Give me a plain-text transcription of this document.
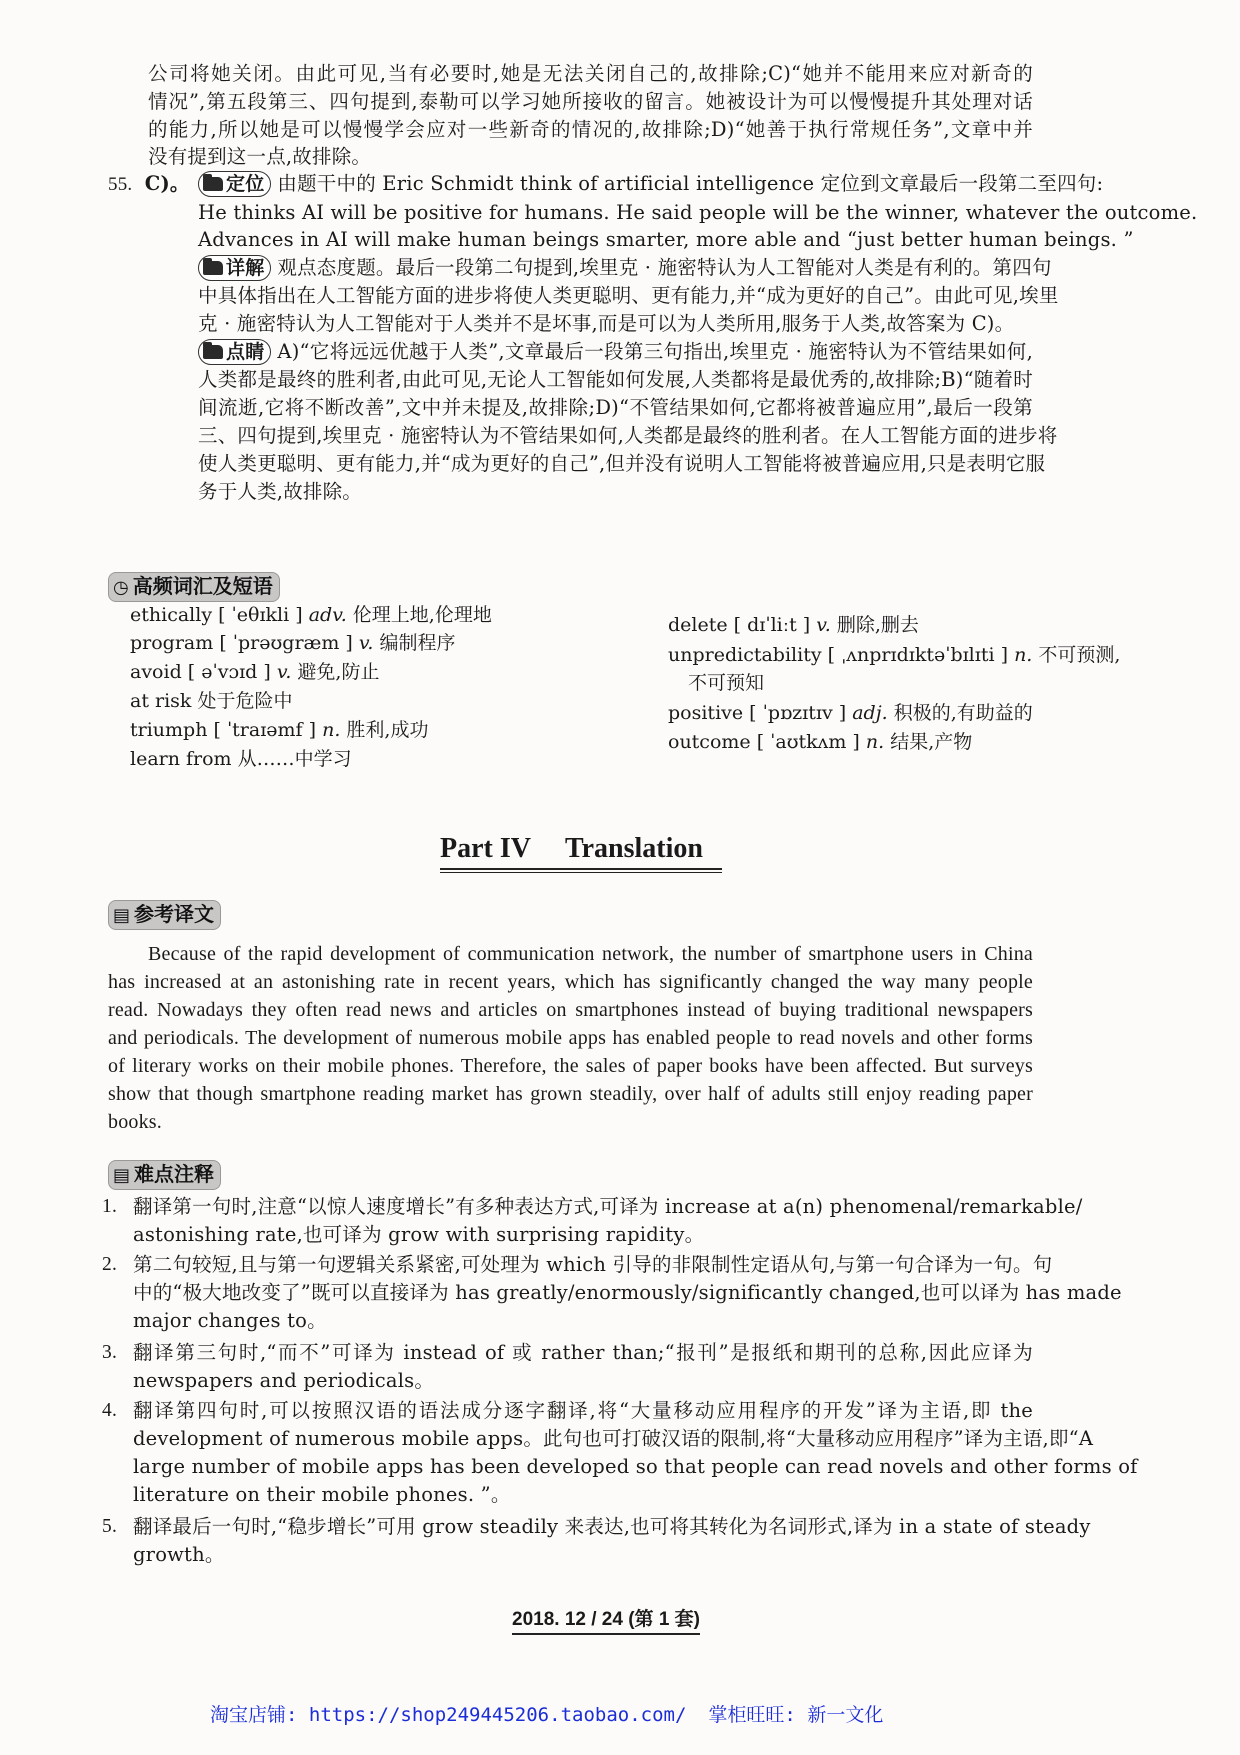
公司将她关闭。由此可见,当有必要时,她是无法关闭自己的,故排除;C)“她并不能用来应对新奇的
情况”,第五段第三、四句提到,泰勒可以学习她所接收的留言。她被设计为可以慢慢提升其处理对话
的能力,所以她是可以慢慢学会应对一些新奇的情况的,故排除;D)“她善于执行常规任务”,文章中并
没有提到这一点,故排除。
55. C)。	定位 由题干中的 Eric Schmidt think of artificial intelligence 定位到文章最后一段第二至四句:
He thinks AI will be positive for humans. He said people will be the winner, whatever the outcome.
Advances in AI will make human beings smarter, more able and “just better human beings. ”
详解 观点态度题。最后一段第二句提到,埃里克 · 施密特认为人工智能对人类是有利的。第四句
中具体指出在人工智能方面的进步将使人类更聪明、更有能力,并“成为更好的自己”。由此可见,埃里
克 · 施密特认为人工智能对于人类并不是坏事,而是可以为人类所用,服务于人类,故答案为 C)。
点睛 A)“它将远远优越于人类”,文章最后一段第三句指出,埃里克 · 施密特认为不管结果如何,
人类都是最终的胜利者,由此可见,无论人工智能如何发展,人类都将是最优秀的,故排除;B)“随着时
间流逝,它将不断改善”,文中并未提及,故排除;D)“不管结果如何,它都将被普遍应用”,最后一段第
三、四句提到,埃里克 · 施密特认为不管结果如何,人类都是最终的胜利者。在人工智能方面的进步将
使人类更聪明、更有能力,并“成为更好的自己”,但并没有说明人工智能将被普遍应用,只是表明它服
务于人类,故排除。
◷ 高频词汇及短语
ethically [ ˈeθɪkli ] adv. 伦理上地,伦理地
program [ ˈprəʊgræm ] v. 编制程序
avoid [ əˈvɔɪd ] v. 避免,防止
at risk 处于危险中
triumph [ ˈtraɪəmf ] n. 胜利,成功
learn from 从……中学习
delete [ dɪˈliːt ] v. 删除,删去
unpredictability [ ˌʌnprɪdɪktəˈbɪlɪti ] n. 不可预测,
不可预知
positive [ ˈpɒzɪtɪv ] adj. 积极的,有助益的
outcome [ ˈaʊtkʌm ] n. 结果,产物
Part IV Translation
▤ 参考译文
Because of the rapid development of communication network, the number of smartphone users in China
has increased at an astonishing rate in recent years, which has significantly changed the way many people
read. Nowadays they often read news and articles on smartphones instead of buying traditional newspapers
and periodicals. The development of numerous mobile apps has enabled people to read novels and other forms
of literary works on their mobile phones. Therefore, the sales of paper books have been affected. But surveys
show that though smartphone reading market has grown steadily, over half of adults still enjoy reading paper
books.
▤ 难点注释
1. 翻译第一句时,注意“以惊人速度增长”有多种表达方式,可译为 increase at a(n) phenomenal/remarkable/
astonishing rate,也可译为 grow with surprising rapidity。
2. 第二句较短,且与第一句逻辑关系紧密,可处理为 which 引导的非限制性定语从句,与第一句合译为一句。句
中的“极大地改变了”既可以直接译为 has greatly/enormously/significantly changed,也可以译为 has made
major changes to。
3. 翻译第三句时,“而不”可译为 instead of 或 rather than;“报刊”是报纸和期刊的总称,因此应译为
newspapers and periodicals。
4. 翻译第四句时,可以按照汉语的语法成分逐字翻译,将“大量移动应用程序的开发”译为主语,即 the
development of numerous mobile apps。此句也可打破汉语的限制,将“大量移动应用程序”译为主语,即“A
large number of mobile apps has been developed so that people can read novels and other forms of
literature on their mobile phones. ”。
5. 翻译最后一句时,“稳步增长”可用 grow steadily 来表达,也可将其转化为名词形式,译为 in a state of steady
growth。
2018. 12 / 24 (第 1 套)
淘宝店铺: https://shop249445206.taobao.com/ 掌柜旺旺: 新一文化
